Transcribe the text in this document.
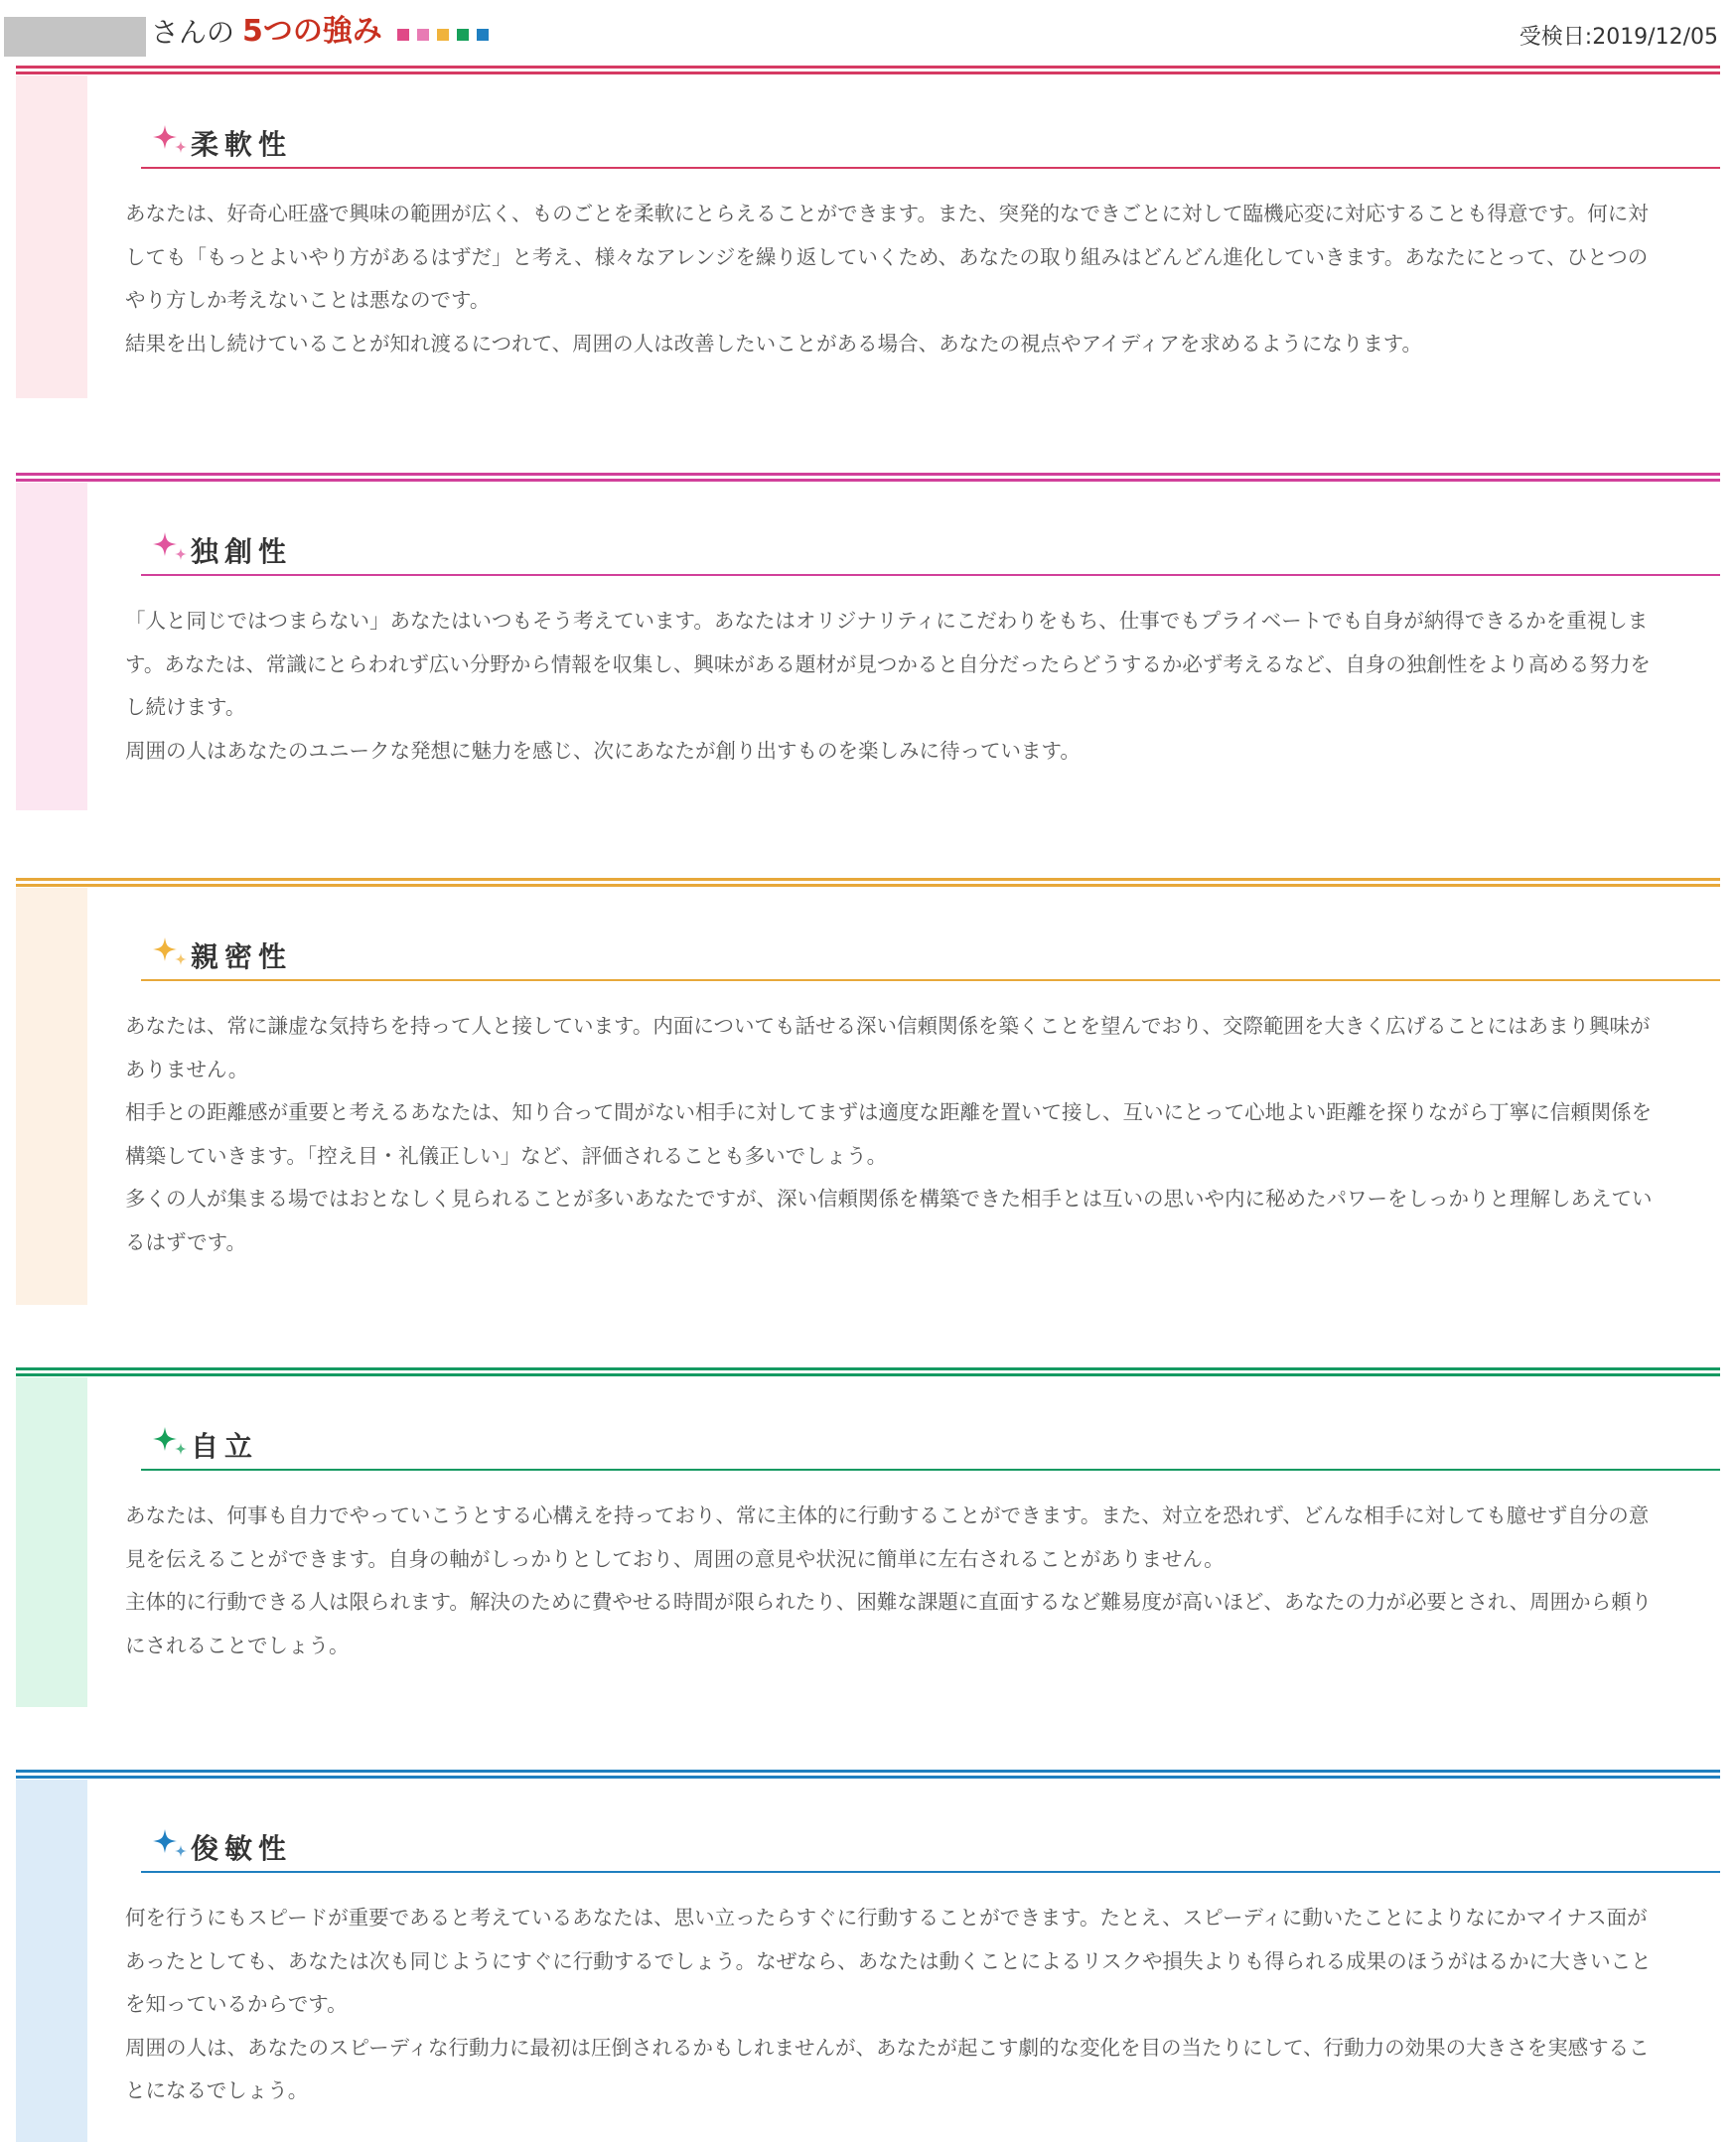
さんの 5つの強み	受検日:2019/12/05
柔軟性

あなたは、好奇心旺盛で興味の範囲が広く、ものごとを柔軟にとらえることができます。また、突発的なできごとに対して臨機応変に対応することも得意です。何に対しても「もっとよいやり方があるはずだ」と考え、様々なアレンジを繰り返していくため、あなたの取り組みはどんどん進化していきます。あなたにとって、ひとつのやり方しか考えないことは悪なのです。

結果を出し続けていることが知れ渡るにつれて、周囲の人は改善したいことがある場合、あなたの視点やアイディアを求めるようになります。

独創性

「人と同じではつまらない」あなたはいつもそう考えています。あなたはオリジナリティにこだわりをもち、仕事でもプライベートでも自身が納得できるかを重視します。あなたは、常識にとらわれず広い分野から情報を収集し、興味がある題材が見つかると自分だったらどうするか必ず考えるなど、自身の独創性をより高める努力をし続けます。

周囲の人はあなたのユニークな発想に魅力を感じ、次にあなたが創り出すものを楽しみに待っています。

親密性

あなたは、常に謙虚な気持ちを持って人と接しています。内面についても話せる深い信頼関係を築くことを望んでおり、交際範囲を大きく広げることにはあまり興味がありません。

相手との距離感が重要と考えるあなたは、知り合って間がない相手に対してまずは適度な距離を置いて接し、互いにとって心地よい距離を探りながら丁寧に信頼関係を構築していきます。「控え目・礼儀正しい」など、評価されることも多いでしょう。

多くの人が集まる場ではおとなしく見られることが多いあなたですが、深い信頼関係を構築できた相手とは互いの思いや内に秘めたパワーをしっかりと理解しあえているはずです。

自立

あなたは、何事も自力でやっていこうとする心構えを持っており、常に主体的に行動することができます。また、対立を恐れず、どんな相手に対しても臆せず自分の意見を伝えることができます。自身の軸がしっかりとしており、周囲の意見や状況に簡単に左右されることがありません。

主体的に行動できる人は限られます。解決のために費やせる時間が限られたり、困難な課題に直面するなど難易度が高いほど、あなたの力が必要とされ、周囲から頼りにされることでしょう。

俊敏性

何を行うにもスピードが重要であると考えているあなたは、思い立ったらすぐに行動することができます。たとえ、スピーディに動いたことによりなにかマイナス面があったとしても、あなたは次も同じようにすぐに行動するでしょう。なぜなら、あなたは動くことによるリスクや損失よりも得られる成果のほうがはるかに大きいことを知っているからです。

周囲の人は、あなたのスピーディな行動力に最初は圧倒されるかもしれませんが、あなたが起こす劇的な変化を目の当たりにして、行動力の効果の大きさを実感することになるでしょう。
